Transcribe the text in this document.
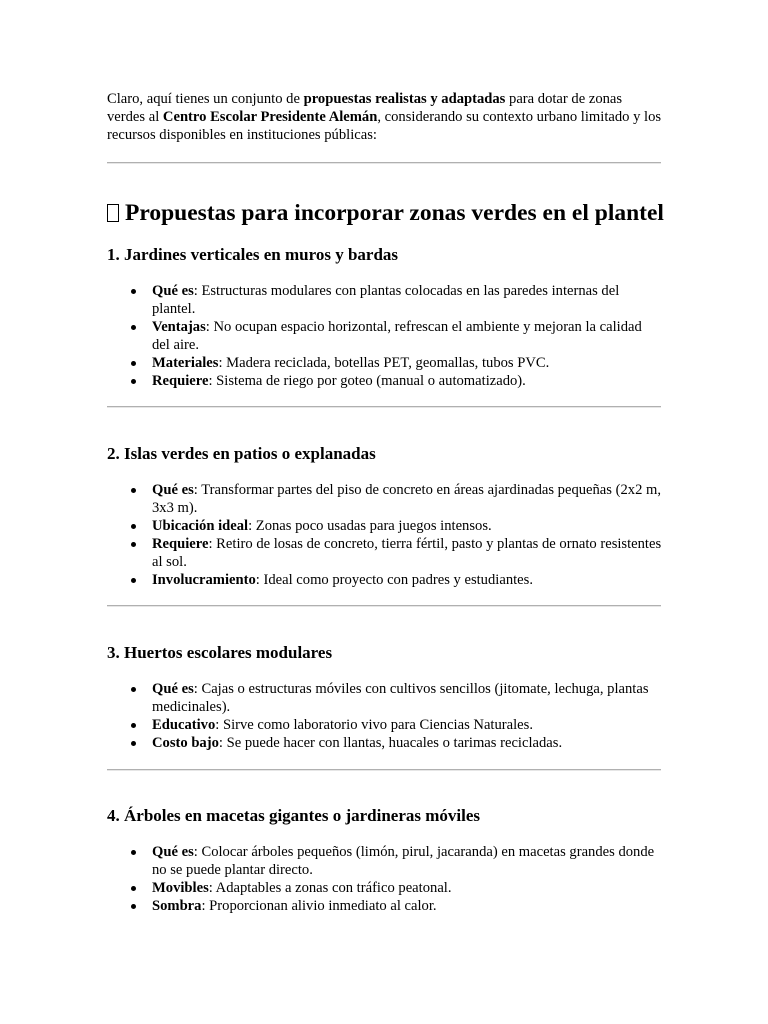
Claro, aquí tienes un conjunto de propuestas realistas y adaptadas para dotar de zonas verdes al Centro Escolar Presidente Alemán, considerando su contexto urbano limitado y los recursos disponibles en instituciones públicas:

Propuestas para incorporar zonas verdes en el plantel
1. Jardines verticales en muros y bardas
Qué es: Estructuras modulares con plantas colocadas en las paredes internas del plantel.
Ventajas: No ocupan espacio horizontal, refrescan el ambiente y mejoran la calidad del aire.
Materiales: Madera reciclada, botellas PET, geomallas, tubos PVC.
Requiere: Sistema de riego por goteo (manual o automatizado).
2. Islas verdes en patios o explanadas
Qué es: Transformar partes del piso de concreto en áreas ajardinadas pequeñas (2x2 m, 3x3 m).
Ubicación ideal: Zonas poco usadas para juegos intensos.
Requiere: Retiro de losas de concreto, tierra fértil, pasto y plantas de ornato resistentes al sol.
Involucramiento: Ideal como proyecto con padres y estudiantes.
3. Huertos escolares modulares
Qué es: Cajas o estructuras móviles con cultivos sencillos (jitomate, lechuga, plantas medicinales).
Educativo: Sirve como laboratorio vivo para Ciencias Naturales.
Costo bajo: Se puede hacer con llantas, huacales o tarimas recicladas.
4. Árboles en macetas gigantes o jardineras móviles
Qué es: Colocar árboles pequeños (limón, pirul, jacaranda) en macetas grandes donde no se puede plantar directo.
Movibles: Adaptables a zonas con tráfico peatonal.
Sombra: Proporcionan alivio inmediato al calor.
